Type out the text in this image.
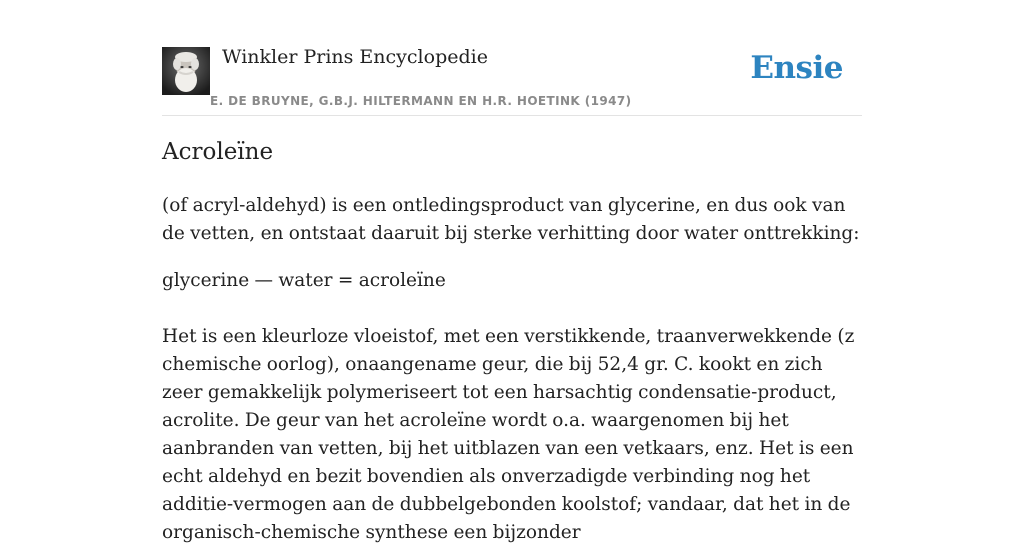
Winkler Prins Encyclopedie
E. DE BRUYNE, G.B.J. HILTERMANN EN H.R. HOETINK (1947)
Ensie
Acroleïne

(of acryl-aldehyd) is een ontledingsproduct van glycerine, en dus ook van de vetten, en ontstaat daaruit bij sterke verhitting door water onttrekking:

glycerine — water = acroleïne

Het is een kleurloze vloeistof, met een verstikkende, traanverwekkende (z chemische oorlog), onaangename geur, die bij 52,4 gr. C. kookt en zich zeer gemakkelijk polymeriseert tot een harsachtig condensatie-product, acrolite. De geur van het acroleïne wordt o.a. waargenomen bij het aanbranden van vetten, bij het uitblazen van een vetkaars, enz. Het is een echt aldehyd en bezit bovendien als onverzadigde verbinding nog het additie-vermogen aan de dubbelgebonden koolstof; vandaar, dat het in de organisch-chemische synthese een bijzonder
